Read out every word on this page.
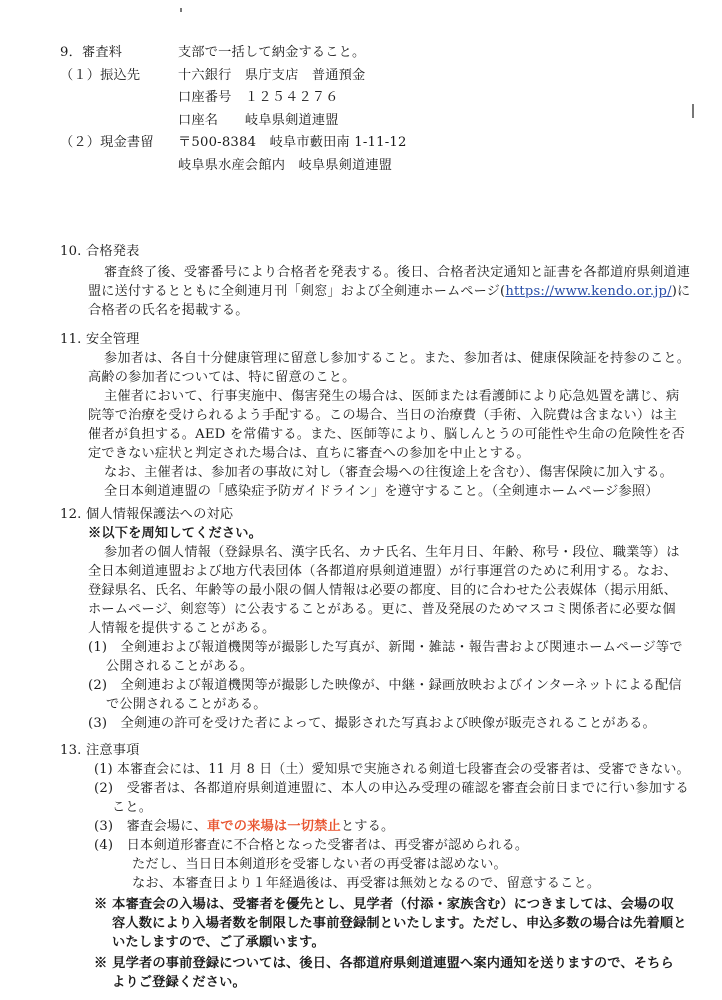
9．審査料	支部で一括して納金すること。
（１）振込先	十六銀行　県庁支店　普通預金
口座番号　１２５４２７６
口座名　　岐阜県剣道連盟
（２）現金書留 〒500-8384　岐阜市藪田南 1-11-12
岐阜県水産会館内　岐阜県剣道連盟
10. 合格発表
審査終了後、受審番号により合格者を発表する。後日、合格者決定通知と証書を各都道府県剣道連
盟に送付するとともに全剣連月刊「剣窓」および全剣連ホームページ(https://www.kendo.or.jp/)に
合格者の氏名を掲載する。
11. 安全管理
参加者は、各自十分健康管理に留意し参加すること。また、参加者は、健康保険証を持参のこと。
高齢の参加者については、特に留意のこと。
主催者において、行事実施中、傷害発生の場合は、医師または看護師により応急処置を講じ、病
院等で治療を受けられるよう手配する。この場合、当日の治療費（手術、入院費は含まない）は主
催者が負担する。AED を常備する。また、医師等により、脳しんとうの可能性や生命の危険性を否
定できない症状と判定された場合は、直ちに審査への参加を中止とする。
なお、主催者は、参加者の事故に対し（審査会場への往復途上を含む）、傷害保険に加入する。
全日本剣道連盟の「感染症予防ガイドライン」を遵守すること。（全剣連ホームページ参照）
12. 個人情報保護法への対応
※以下を周知してください。
参加者の個人情報（登録県名、漢字氏名、カナ氏名、生年月日、年齢、称号・段位、職業等）は
全日本剣道連盟および地方代表団体（各都道府県剣道連盟）が行事運営のために利用する。なお、
登録県名、氏名、年齢等の最小限の個人情報は必要の都度、目的に合わせた公表媒体（掲示用紙、
ホームページ、剣窓等）に公表することがある。更に、普及発展のためマスコミ関係者に必要な個
人情報を提供することがある。
(1)　全剣連および報道機関等が撮影した写真が、新聞・雑誌・報告書および関連ホームページ等で
公開されることがある。
(2)　全剣連および報道機関等が撮影した映像が、中継・録画放映およびインターネットによる配信
で公開されることがある。
(3)　全剣連の許可を受けた者によって、撮影された写真および映像が販売されることがある。
13. 注意事項
(1) 本審査会には、11 月 8 日（土）愛知県で実施される剣道七段審査会の受審者は、受審できない。
(2)　受審者は、各都道府県剣道連盟に、本人の申込み受理の確認を審査会前日までに行い参加する
こと。
(3)　審査会場に、車での来場は一切禁止とする。
(4)　日本剣道形審査に不合格となった受審者は、再受審が認められる。
ただし、当日日本剣道形を受審しない者の再受審は認めない。
なお、本審査日より１年経過後は、再受審は無効となるので、留意すること。
※ 本審査会の入場は、受審者を優先とし、見学者（付添・家族含む）につきましては、会場の収
容人数により入場者数を制限した事前登録制といたします。ただし、申込多数の場合は先着順と
いたしますので、ご了承願います。
※ 見学者の事前登録については、後日、各都道府県剣道連盟へ案内通知を送りますので、そちら
よりご登録ください。
